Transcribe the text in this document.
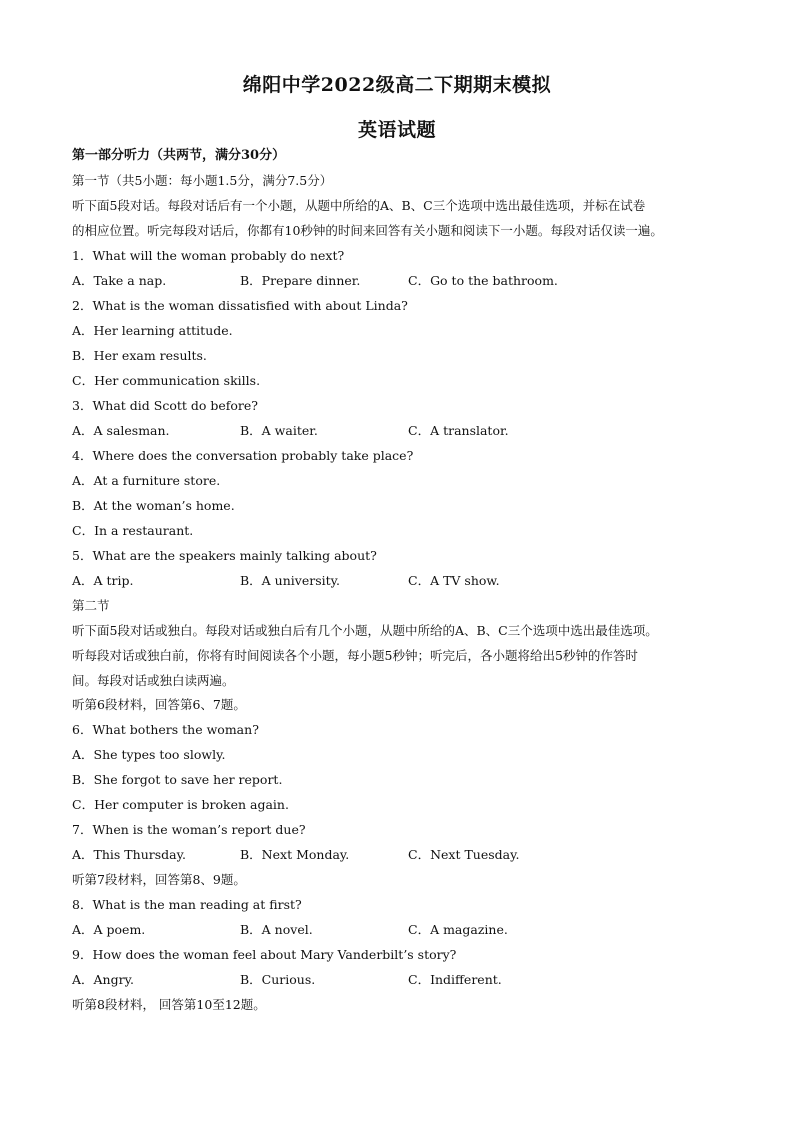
绵阳中学2022级高二下期期末模拟
英语试题
第一部分听力（共两节，满分30分）
第一节（共5小题：每小题1.5分，满分7.5分）
听下面5段对话。每段对话后有一个小题，从题中所给的A、B、C三个选项中选出最佳选项，并标在试卷
的相应位置。听完每段对话后，你都有10秒钟的时间来回答有关小题和阅读下一小题。每段对话仅读一遍。
1．What will the woman probably do next?
A．Take a nap.	B．Prepare dinner.	C．Go to the bathroom.
2．What is the woman dissatisfied with about Linda?
A．Her learning attitude.
B．Her exam results.
C．Her communication skills.
3．What did Scott do before?
A．A salesman.	B．A waiter.	C．A translator.
4．Where does the conversation probably take place?
A．At a furniture store.
B．At the woman’s home.
C．In a restaurant.
5．What are the speakers mainly talking about?
A．A trip.	B．A university.	C．A TV show.
第二节
听下面5段对话或独白。每段对话或独白后有几个小题，从题中所给的A、B、C三个选项中选出最佳选项。
听每段对话或独白前，你将有时间阅读各个小题，每小题5秒钟；听完后，各小题将给出5秒钟的作答时
间。每段对话或独白读两遍。
听第6段材料，回答第6、7题。
6．What bothers the woman?
A．She types too slowly.
B．She forgot to save her report.
C．Her computer is broken again.
7．When is the woman’s report due?
A．This Thursday.	B．Next Monday.	C．Next Tuesday.
听第7段材料，回答第8、9题。
8．What is the man reading at first?
A．A poem.	B．A novel.	C．A magazine.
9．How does the woman feel about Mary Vanderbilt’s story?
A．Angry.	B．Curious.	C．Indifferent.
听第8段材料， 回答第10至12题。
